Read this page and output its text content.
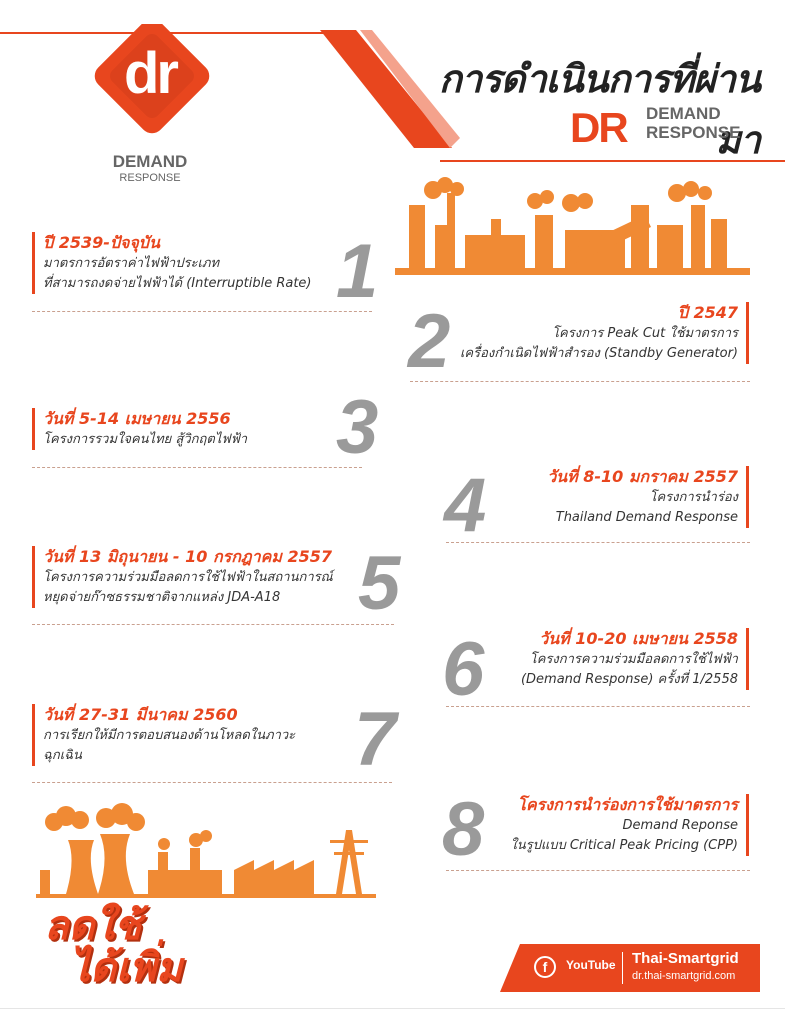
dr
DEMAND
RESPONSE
การดำเนินการที่ผ่านมา
DR DEMAND
RESPONSE
ปี 2539-ปัจจุบัน
มาตรการอัตราค่าไฟฟ้าประเภท
ที่สามารถงดจ่ายไฟฟ้าได้ (Interruptible Rate) 1	ปี 2547
โครงการ Peak Cut ใช้มาตรการ
เครื่องกำเนิดไฟฟ้าสำรอง (Standby Generator)
2
วันที่ 5-14 เมษายน 2556
โครงการรวมใจคนไทย สู้วิกฤตไฟฟ้า 3
วันที่ 8-10 มกราคม 2557
โครงการนำร่อง
Thailand Demand Response
4
วันที่ 13 มิถุนายน - 10 กรกฎาคม 2557
โครงการความร่วมมือลดการใช้ไฟฟ้าในสถานการณ์
หยุดจ่ายก๊าซธรรมชาติจากแหล่ง JDA-A18	5
วันที่ 10-20 เมษายน 2558
โครงการความร่วมมือลดการใช้ไฟฟ้า
(Demand Response) ครั้งที่ 1/2558
6
วันที่ 27-31 มีนาคม 2560
การเรียกให้มีการตอบสนองด้านโหลดในภาวะ
ฉุกเฉิน	7
โครงการนำร่องการใช้มาตรการ
Demand Reponse
ในรูปแบบ Critical Peak Pricing (CPP)
8
ลดใช้
ได้เพิ่ม	f	YouTube Thai-Smartgrid
dr.thai-smartgrid.com
